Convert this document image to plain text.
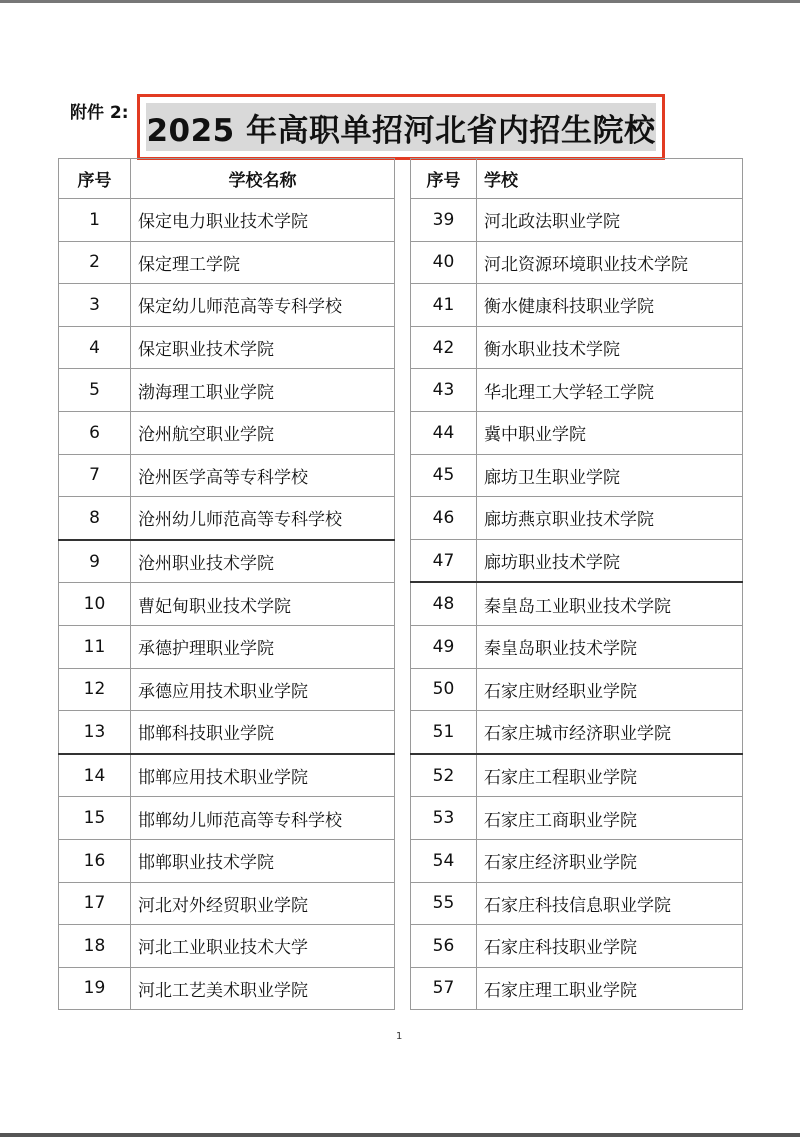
附件 2: 2025 年高职单招河北省内招生院校
序号	学校名称
1	保定电力职业技术学院
2	保定理工学院
3	保定幼儿师范高等专科学校
4	保定职业技术学院
5	渤海理工职业学院
6	沧州航空职业学院
7	沧州医学高等专科学校
8	沧州幼儿师范高等专科学校
9	沧州职业技术学院
10	曹妃甸职业技术学院
11	承德护理职业学院
12	承德应用技术职业学院
13	邯郸科技职业学院
14	邯郸应用技术职业学院
15	邯郸幼儿师范高等专科学校
16	邯郸职业技术学院
17	河北对外经贸职业学院
18	河北工业职业技术大学
19	河北工艺美术职业学院
序号	学校
39	河北政法职业学院
40	河北资源环境职业技术学院
41	衡水健康科技职业学院
42	衡水职业技术学院
43	华北理工大学轻工学院
44	冀中职业学院
45	廊坊卫生职业学院
46	廊坊燕京职业技术学院
47	廊坊职业技术学院
48	秦皇岛工业职业技术学院
49	秦皇岛职业技术学院
50	石家庄财经职业学院
51	石家庄城市经济职业学院
52	石家庄工程职业学院
53	石家庄工商职业学院
54	石家庄经济职业学院
55	石家庄科技信息职业学院
56	石家庄科技职业学院
57	石家庄理工职业学院
1
